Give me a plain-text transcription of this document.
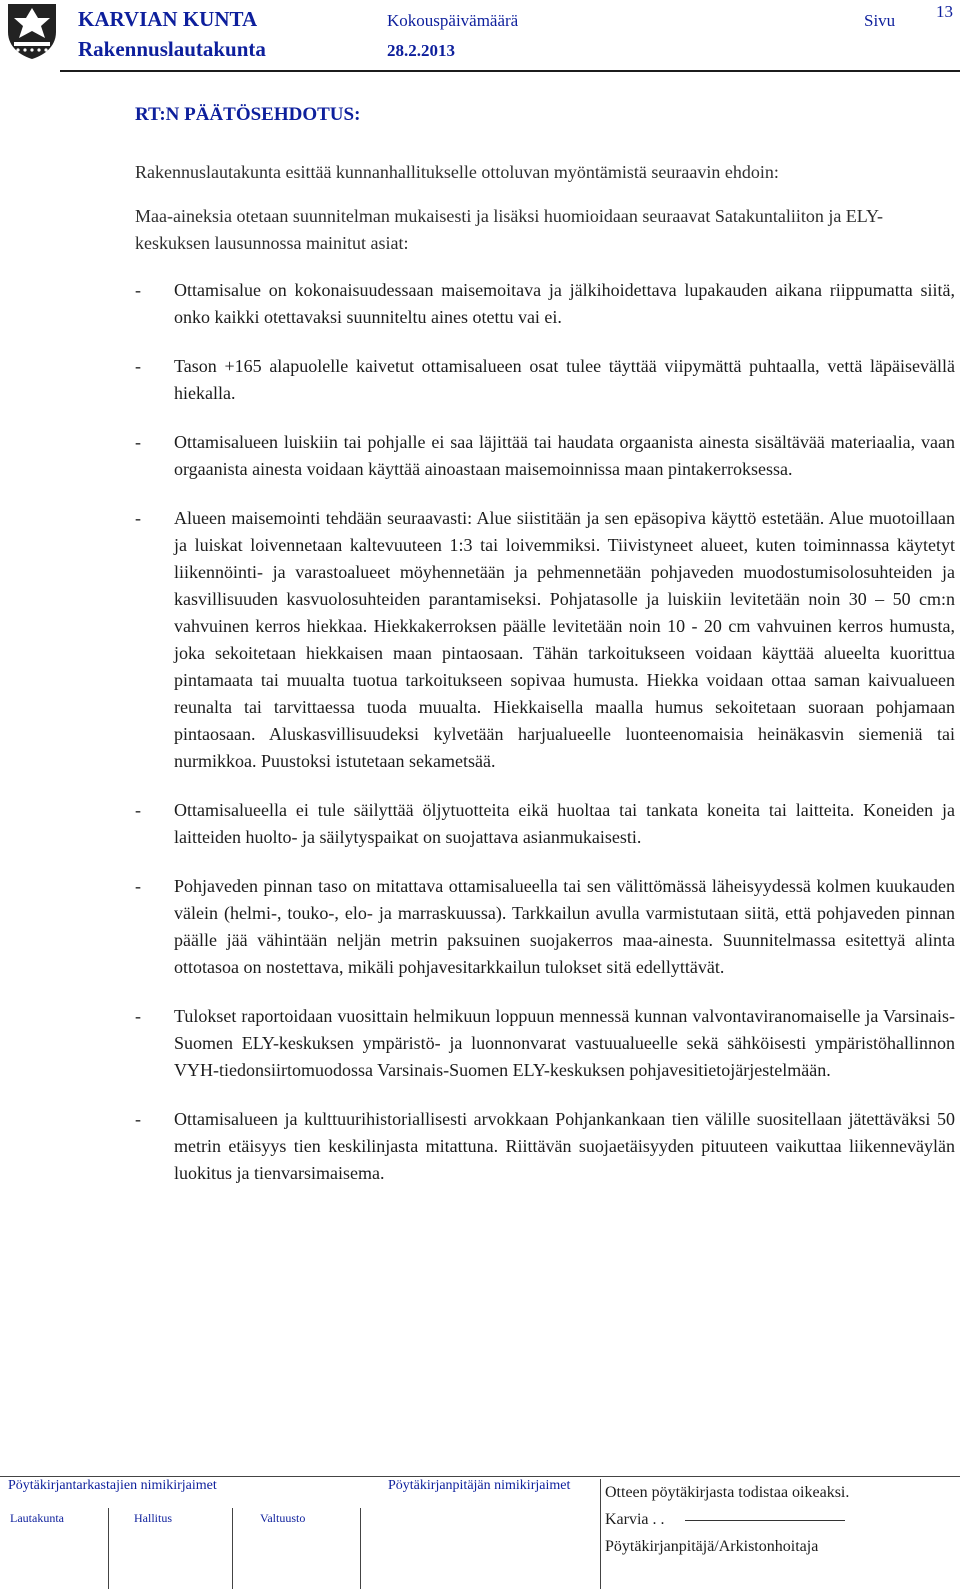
KARVIAN KUNTA
Rakennuslautakunta
Kokouspäivämäärä
28.2.2013
Sivu 13
RT:N PÄÄTÖSEHDOTUS:
Rakennuslautakunta esittää kunnanhallitukselle ottoluvan myöntämistä seuraavin ehdoin:
Maa-aineksia otetaan suunnitelman mukaisesti ja lisäksi huomioidaan seuraavat Satakuntaliiton ja ELY- keskuksen lausunnossa mainitut asiat:
-	Ottamisalue on kokonaisuudessaan maisemoitava ja jälkihoidettava lupakauden aikana riippumatta siitä, onko kaikki otettavaksi suunniteltu aines otettu vai ei.
-	Tason +165 alapuolelle kaivetut ottamisalueen osat tulee täyttää viipymättä puhtaalla, vettä läpäisevällä hiekalla.
-	Ottamisalueen luiskiin tai pohjalle ei saa läjittää tai haudata orgaanista ainesta sisältävää materiaalia, vaan orgaanista ainesta voidaan käyttää ainoastaan maisemoinnissa maan pintakerroksessa.
-	Alueen maisemointi tehdään seuraavasti: Alue siistitään ja sen epäsopiva käyttö estetään. Alue muotoillaan ja luiskat loivennetaan kaltevuuteen 1:3 tai loivemmiksi. Tiivistyneet alueet, kuten toiminnassa käytetyt liikennöinti- ja varastoalueet möyhennetään ja pehmennetään pohjaveden muodostumisolosuhteiden ja kasvillisuuden kasvuolosuhteiden parantamiseksi. Pohjatasolle ja luiskiin levitetään noin 30 – 50 cm:n vahvuinen kerros hiekkaa. Hiekkakerroksen päälle levitetään noin 10 - 20 cm vahvuinen kerros humusta, joka sekoitetaan hiekkaisen maan pintaosaan. Tähän tarkoitukseen voidaan käyttää alueelta kuorittua pintamaata tai muualta tuotua tarkoitukseen sopivaa humusta. Hiekka voidaan ottaa saman kaivualueen reunalta tai tarvittaessa tuoda muualta. Hiekkaisella maalla humus sekoitetaan suoraan pohjamaan pintaosaan. Aluskasvillisuudeksi kylvetään harjualueelle luonteenomaisia heinäkasvin siemeniä tai nurmikkoa. Puustoksi istutetaan sekametsää.
-	Ottamisalueella ei tule säilyttää öljytuotteita eikä huoltaa tai tankata koneita tai laitteita. Koneiden ja laitteiden huolto- ja säilytyspaikat on suojattava asianmukaisesti.
-	Pohjaveden pinnan taso on mitattava ottamisalueella tai sen välittömässä läheisyydessä kolmen kuukauden välein (helmi-, touko-, elo- ja marraskuussa). Tarkkailun avulla varmistutaan siitä, että pohjaveden pinnan päälle jää vähintään neljän metrin paksuinen suojakerros maa-ainesta. Suunnitelmassa esitettyä alinta ottotasoa on nostettava, mikäli pohjavesitarkkailun tulokset sitä edellyttävät.
-	Tulokset raportoidaan vuosittain helmikuun loppuun mennessä kunnan valvontaviranomaiselle ja Varsinais-Suomen ELY-keskuksen ympäristö- ja luonnonvarat vastuualueelle sekä sähköisesti ympäristöhallinnon VYH-tiedonsiirtomuodossa Varsinais-Suomen ELY-keskuksen pohjavesitietojärjestelmään.
-	Ottamisalueen ja kulttuurihistoriallisesti arvokkaan Pohjankankaan tien välille suositellaan jätettäväksi 50 metrin etäisyys tien keskilinjasta mitattuna. Riittävän suojaetäisyyden pituuteen vaikuttaa liikenneväylän luokitus ja tienvarsimaisema.
Pöytäkirjantarkastajien nimikirjaimet	Pöytäkirjanpitäjän nimikirjaimet
Lautakunta	Hallitus	Valtuusto
Otteen pöytäkirjasta todistaa oikeaksi.
Karvia . .
Pöytäkirjanpitäjä/Arkistonhoitaja
